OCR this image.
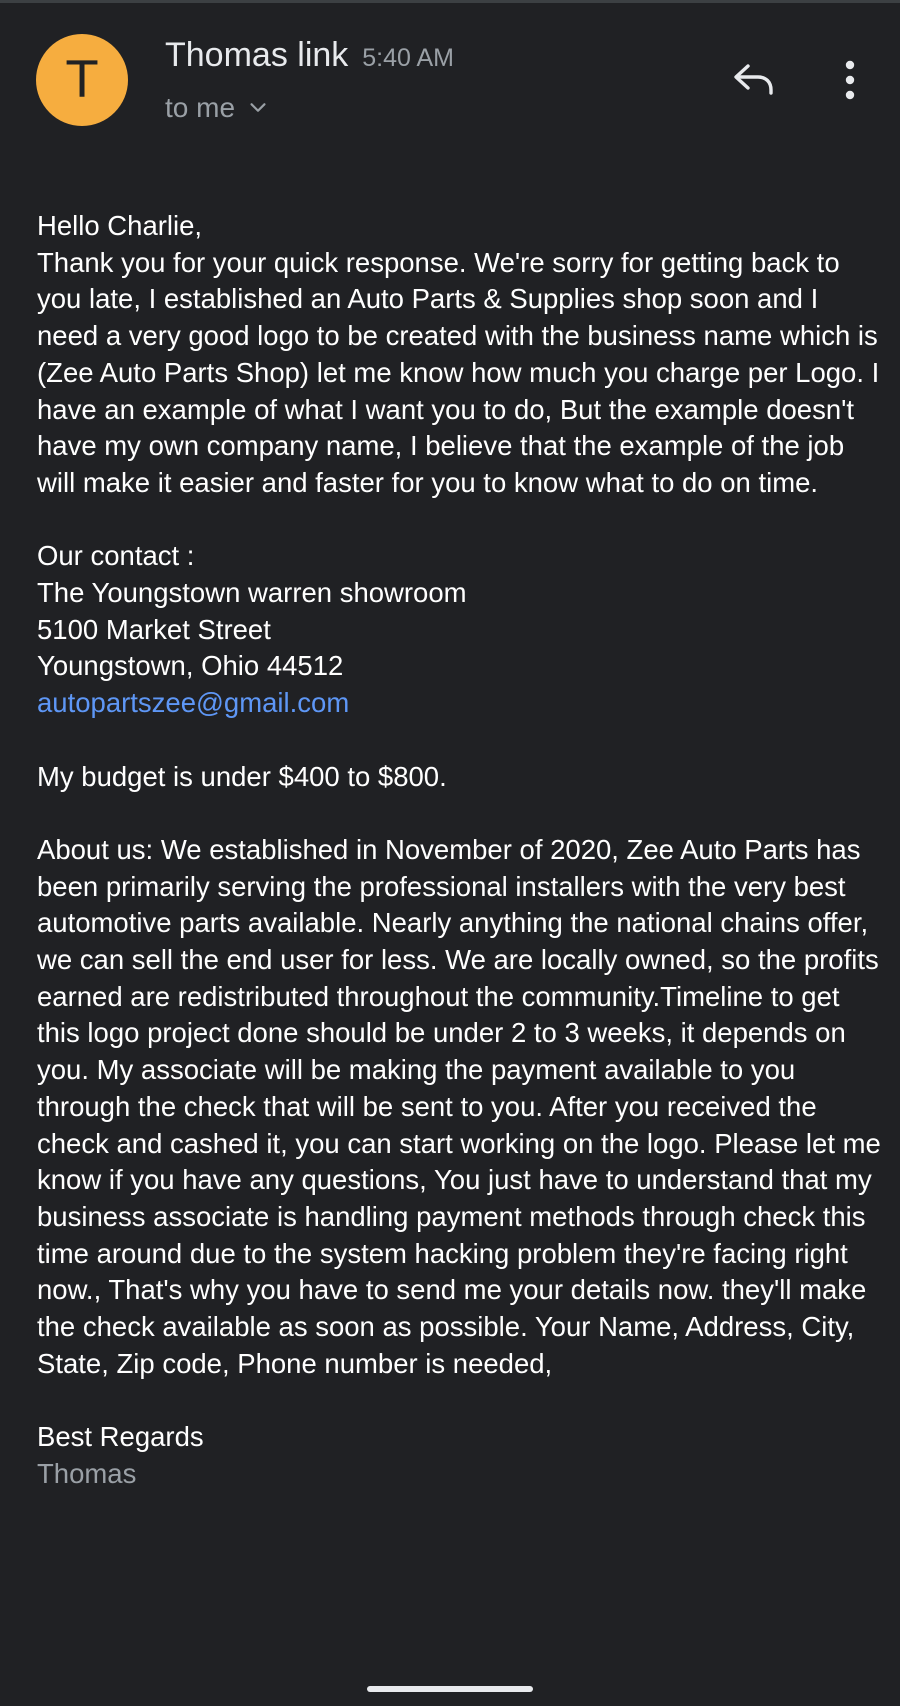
T Thomas link 5:40 AM
to me

Hello Charlie,

Thank you for your quick response. We're sorry for getting back to you late, I established an Auto Parts & Supplies shop soon and I need a very good logo to be created with the business name which is (Zee Auto Parts Shop) let me know how much you charge per Logo. I have an example of what I want you to do, But the example doesn't have my own company name, I believe that the example of the job will make it easier and faster for you to know what to do on time.

Our contact :

The Youngstown warren showroom

5100 Market Street

Youngstown, Ohio 44512

autopartszee@gmail.com

My budget is under $400 to $800.

About us: We established in November of 2020, Zee Auto Parts has been primarily serving the professional installers with the very best automotive parts available. Nearly anything the national chains offer, we can sell the end user for less. We are locally owned, so the profits earned are redistributed throughout the community.Timeline to get this logo project done should be under 2 to 3 weeks, it depends on you. My associate will be making the payment available to you through the check that will be sent to you. After you received the check and cashed it, you can start working on the logo. Please let me know if you have any questions, You just have to understand that my business associate is handling payment methods through check this time around due to the system hacking problem they're facing right now., That's why you have to send me your details now. they'll make the check available as soon as possible. Your Name, Address, City, State, Zip code, Phone number is needed,

Best Regards

Thomas
